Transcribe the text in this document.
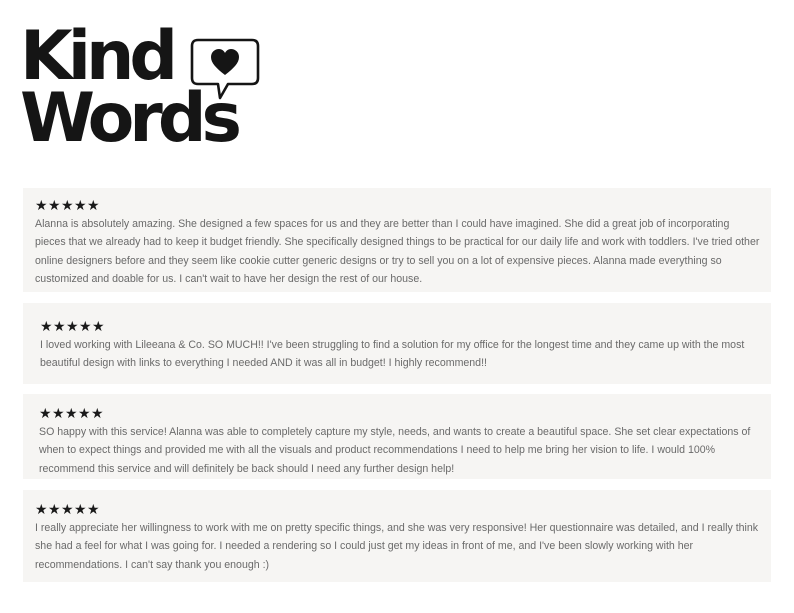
Kind
Words
★★★★★
Alanna is absolutely amazing. She designed a few spaces for us and they are better than I could have imagined. She did a great job of incorporating pieces that we already had to keep it budget friendly. She specifically designed things to be practical for our daily life and work with toddlers. I've tried other online designers before and they seem like cookie cutter generic designs or try to sell you on a lot of expensive pieces. Alanna made everything so customized and doable for us. I can't wait to have her design the rest of our house.
★★★★★
I loved working with Lileeana & Co. SO MUCH!! I've been struggling to find a solution for my office for the longest time and they came up with the most beautiful design with links to everything I needed AND it was all in budget! I highly recommend!!
★★★★★
SO happy with this service! Alanna was able to completely capture my style, needs, and wants to create a beautiful space. She set clear expectations of when to expect things and provided me with all the visuals and product recommendations I need to help me bring her vision to life. I would 100% recommend this service and will definitely be back should I need any further design help!
★★★★★
I really appreciate her willingness to work with me on pretty specific things, and she was very responsive! Her questionnaire was detailed, and I really think she had a feel for what I was going for. I needed a rendering so I could just get my ideas in front of me, and I've been slowly working with her recommendations. I can't say thank you enough :)
